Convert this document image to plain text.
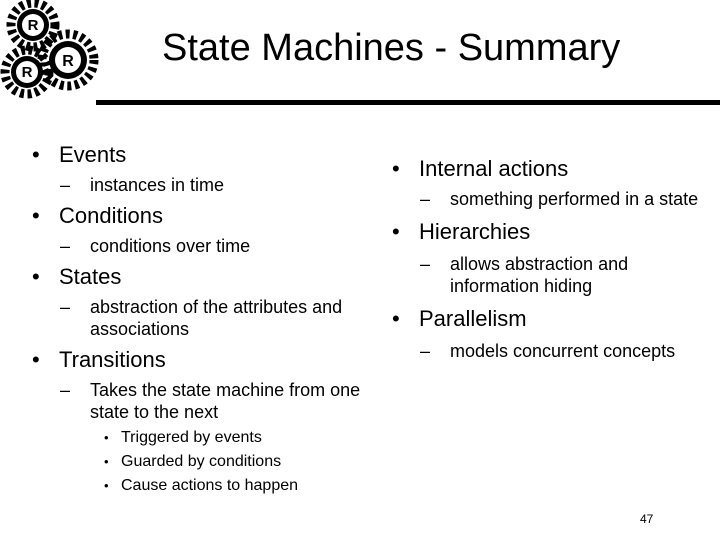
R
R
R
State Machines - Summary

• Events

– instances in time

• Conditions

– conditions over time

• States

– abstraction of the attributes and associations

• Transitions

– Takes the state machine from one state to the next

• Triggered by events

• Guarded by conditions

• Cause actions to happen

• Internal actions

– something performed in a state

• Hierarchies

– allows abstraction and information hiding

• Parallelism

– models concurrent concepts

47
